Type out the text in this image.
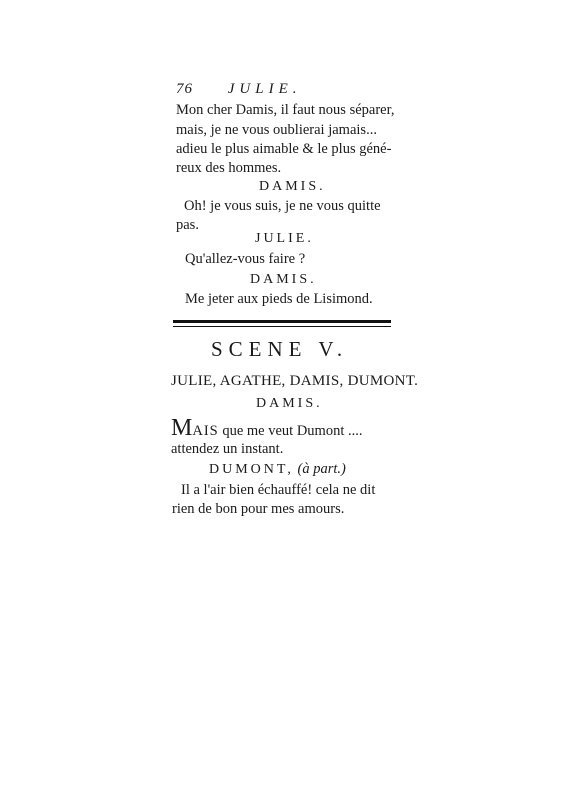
76 JULIE.
Mon cher Damis, il faut nous séparer,
mais, je ne vous oublierai jamais...
adieu le plus aimable & le plus géné-
reux des hommes.
DAMIS.
Oh! je vous suis, je ne vous quitte
pas.
JULIE.
Qu'allez-vous faire ?
DAMIS.
Me jeter aux pieds de Lisimond.
SCENE V.
JULIE, AGATHE, DAMIS, DUMONT.
DAMIS.
MAIS que me veut Dumont ....
attendez un instant.
DUMONT, (à part.)
Il a l'air bien échauffé! cela ne dit
rien de bon pour mes amours.
